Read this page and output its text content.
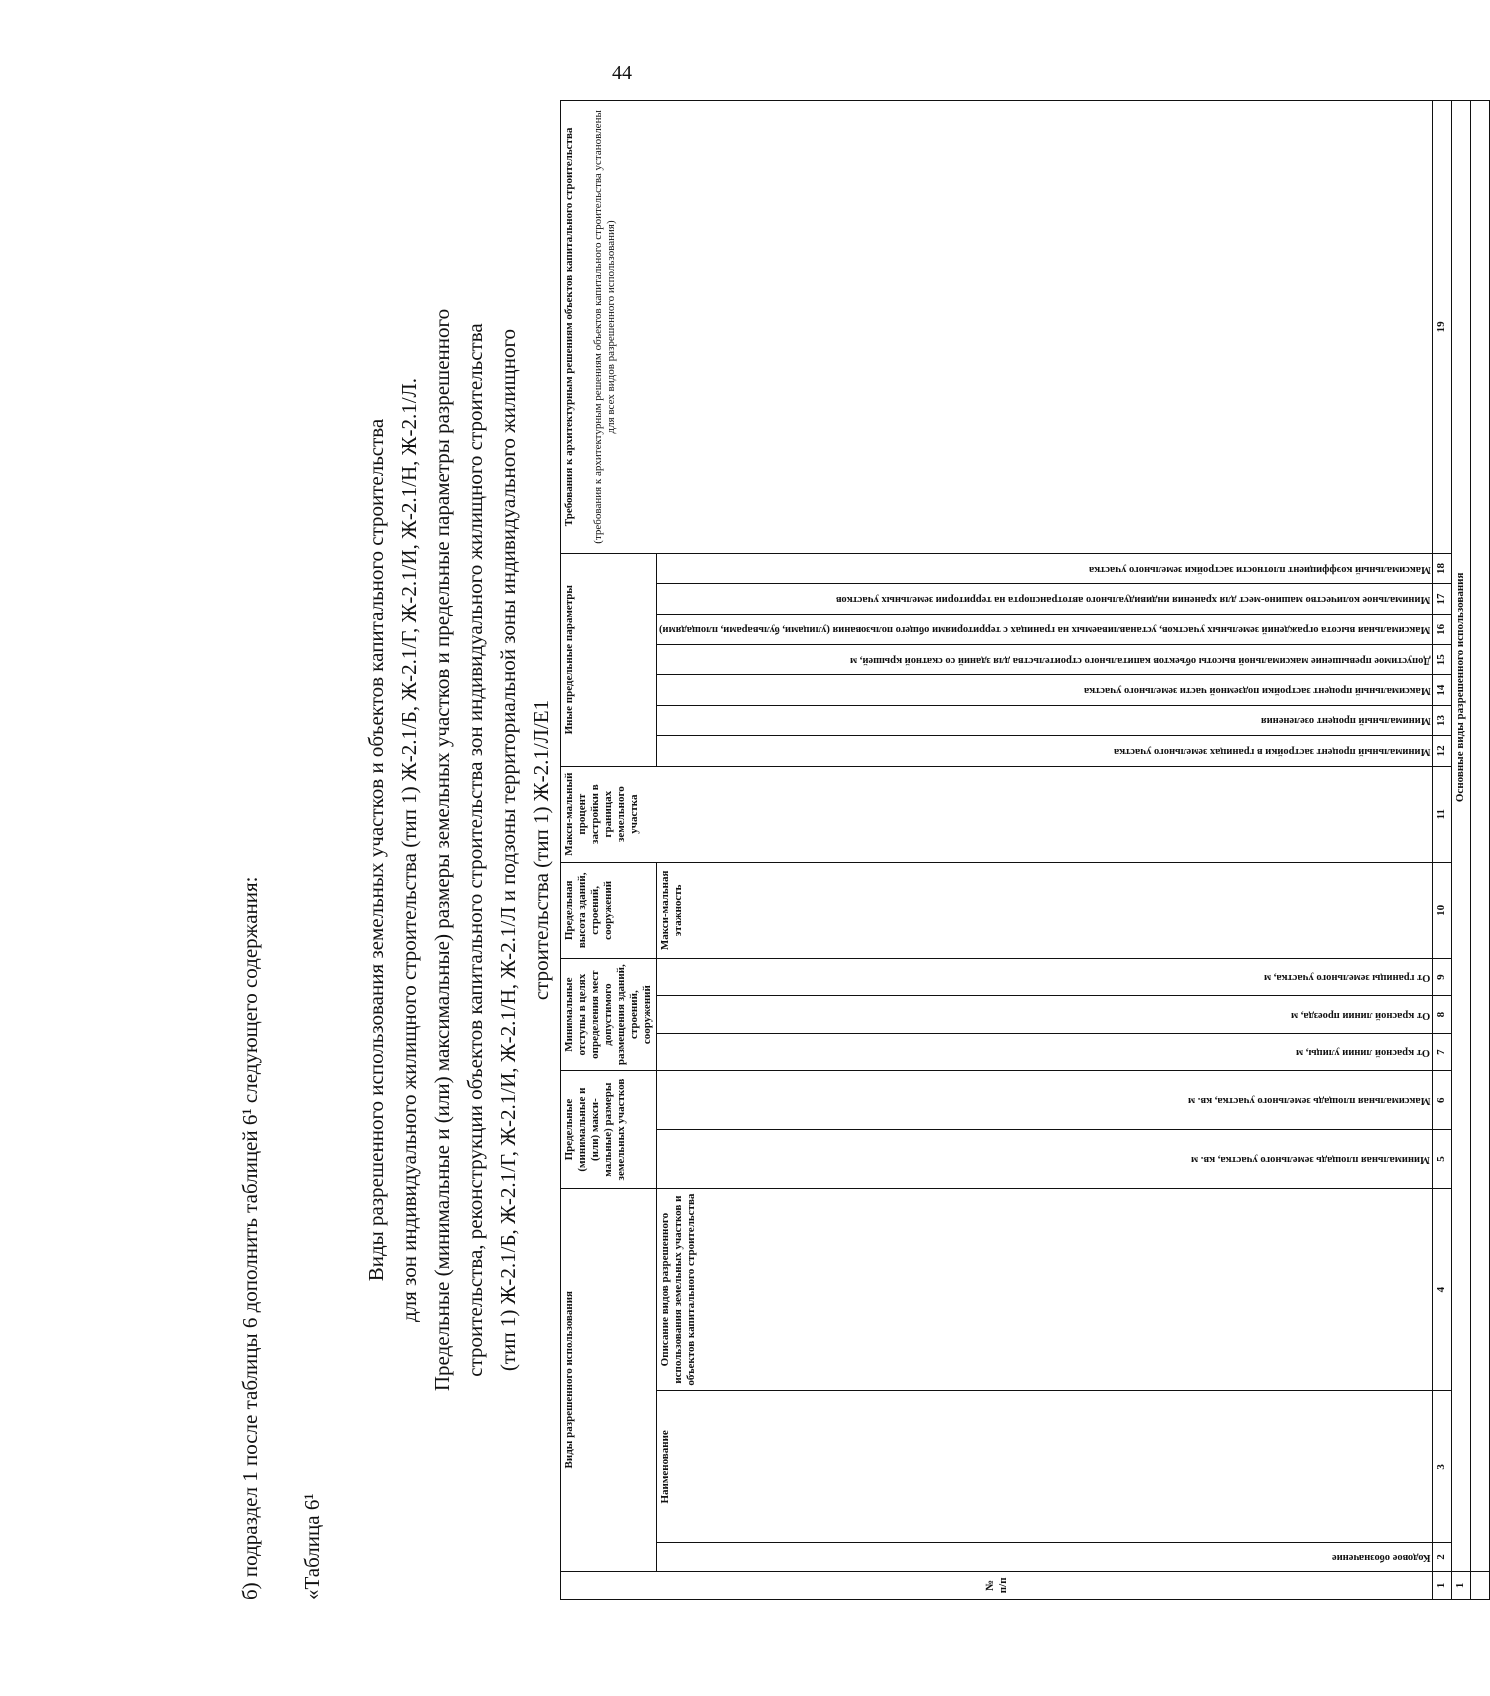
44

б) подраздел 1 после таблицы 6 дополнить таблицей 6¹ следующего содержания: «Таблица 6¹

Виды разрешенного использования земельных участков и объектов капитального строительства для зон индивидуального жилищного строительства (тип 1) Ж-2.1/Б, Ж-2.1/Г, Ж-2.1/И, Ж-2.1/Н, Ж-2.1/Л. Предельные (минимальные и (или) максимальные) размеры земельных участков и предельные параметры разрешенного строительства, реконструкции объектов капитального строительства зон индивидуального жилищного строительства (тип 1) Ж-2.1/Б, Ж-2.1/Г, Ж-2.1/И, Ж-2.1/Н, Ж-2.1/Л и подзоны территориальной зоны индивидуального жилищного строительства (тип 1) Ж-2.1/Л/Е1
№ п/п	Виды разрешенного использования			Предельные (минимальные и (или) макси-мальные) размеры земельных участков		Минимальные отступы в целях определения мест допустимого размещения зданий, строений, сооружений			Предельная высота зданий, строений, сооружений	Макси-мальный процент застройки в границах земельного участка	Иные предельные параметры							Требования к архитектурным решениям объектов капитального строительства (требования к архитектурным решениям объектов капитального строительства установлены для всех видов разрешенного использования)

	Кодовое обозначение	Наименование	Описание видов разрешенного использования земельных участков и объектов капитального строительства	Минимальная площадь земельного участка, кв. м	Максимальная площадь земельного участка, кв. м	От красной линии улицы, м	От красной линии проезда, м	От границы земельного участка, м	Макси-мальная этажность		Минимальный процент застройки в границах земельного участка	Минимальный процент озеленения	Максимальный процент застройки подземной части земельного участка	Допустимое превышение максимальной высоты объектов капитального строительства для зданий со скатной крышей, м	Максимальная высота ограждений земельных участков, устанавливаемых на границах с территориями общего пользования (улицами, бульварами, площадями)	Минимальное количество машино-мест для хранения индивидуального автотранспорта на территории земельных участков	Максимальный коэффициент плотности застройки земельного участка	

1	2	3	4	5	6	7	8	9	10	11	12	13	14	15	16	17	18	19
1	Основные виды разрешенного использования																	
